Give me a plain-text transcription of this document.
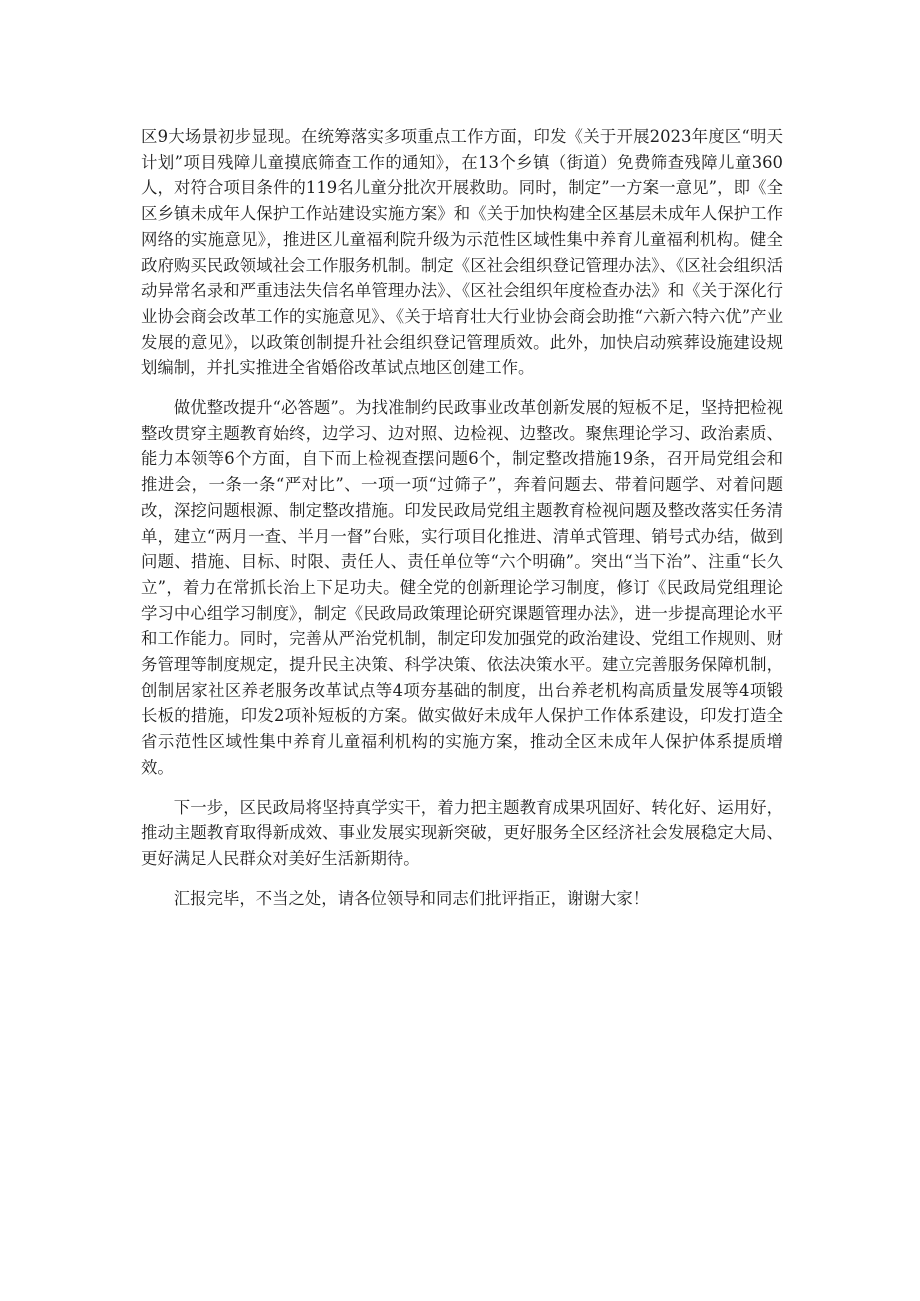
区9大场景初步显现。在统筹落实多项重点工作方面，印发《关于开展2023年度区“明天计划”项目残障儿童摸底筛查工作的通知》，在13个乡镇（街道）免费筛查残障儿童360人，对符合项目条件的119名儿童分批次开展救助。同时，制定”一方案一意见”，即《全区乡镇未成年人保护工作站建设实施方案》和《关于加快构建全区基层未成年人保护工作网络的实施意见》，推进区儿童福利院升级为示范性区域性集中养育儿童福利机构。健全政府购买民政领域社会工作服务机制。制定《区社会组织登记管理办法》、《区社会组织活动异常名录和严重违法失信名单管理办法》、《区社会组织年度检查办法》和《关于深化行业协会商会改革工作的实施意见》、《关于培育壮大行业协会商会助推“六新六特六优”产业发展的意见》，以政策创制提升社会组织登记管理质效。此外，加快启动殡葬设施建设规划编制，并扎实推进全省婚俗改革试点地区创建工作。

做优整改提升“必答题”。为找准制约民政事业改革创新发展的短板不足，坚持把检视整改贯穿主题教育始终，边学习、边对照、边检视、边整改。聚焦理论学习、政治素质、能力本领等6个方面，自下而上检视查摆问题6个，制定整改措施19条，召开局党组会和推进会，一条一条“严对比”、一项一项“过筛子”，奔着问题去、带着问题学、对着问题改，深挖问题根源、制定整改措施。印发民政局党组主题教育检视问题及整改落实任务清单，建立“两月一查、半月一督”台账，实行项目化推进、清单式管理、销号式办结，做到问题、措施、目标、时限、责任人、责任单位等“六个明确”。突出“当下治”、注重“长久立”，着力在常抓长治上下足功夫。健全党的创新理论学习制度，修订《民政局党组理论学习中心组学习制度》，制定《民政局政策理论研究课题管理办法》，进一步提高理论水平和工作能力。同时，完善从严治党机制，制定印发加强党的政治建设、党组工作规则、财务管理等制度规定，提升民主决策、科学决策、依法决策水平。建立完善服务保障机制，创制居家社区养老服务改革试点等4项夯基础的制度，出台养老机构高质量发展等4项锻长板的措施，印发2项补短板的方案。做实做好未成年人保护工作体系建设，印发打造全省示范性区域性集中养育儿童福利机构的实施方案，推动全区未成年人保护体系提质增效。

下一步，区民政局将坚持真学实干，着力把主题教育成果巩固好、转化好、运用好，推动主题教育取得新成效、事业发展实现新突破，更好服务全区经济社会发展稳定大局、更好满足人民群众对美好生活新期待。

汇报完毕，不当之处，请各位领导和同志们批评指正，谢谢大家！
